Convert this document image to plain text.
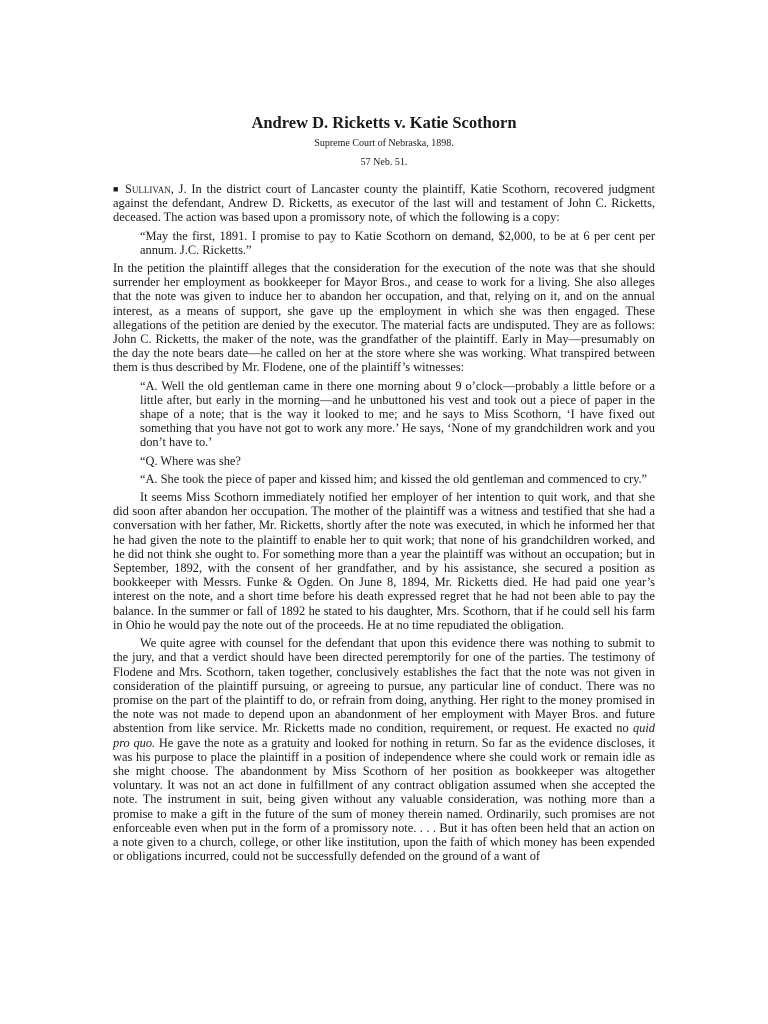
Andrew D. Ricketts v. Katie Scothorn

Supreme Court of Nebraska, 1898.

57 Neb. 51.

■ Sullivan, J. In the district court of Lancaster county the plaintiff, Katie Scothorn, recovered judgment against the defendant, Andrew D. Ricketts, as executor of the last will and testament of John C. Ricketts, deceased. The action was based upon a promissory note, of which the following is a copy:

“May the first, 1891. I promise to pay to Katie Scothorn on demand, $2,000, to be at 6 per cent per annum. J.C. Ricketts.”

In the petition the plaintiff alleges that the consideration for the execution of the note was that she should surrender her employment as bookkeeper for Mayor Bros., and cease to work for a living. She also alleges that the note was given to induce her to abandon her occupation, and that, relying on it, and on the annual interest, as a means of support, she gave up the employment in which she was then engaged. These allegations of the petition are denied by the executor. The material facts are undisputed. They are as follows: John C. Ricketts, the maker of the note, was the grandfather of the plaintiff. Early in May—presumably on the day the note bears date—he called on her at the store where she was working. What transpired between them is thus described by Mr. Flodene, one of the plaintiff’s witnesses:

“A. Well the old gentleman came in there one morning about 9 o’clock—probably a little before or a little after, but early in the morning—and he unbuttoned his vest and took out a piece of paper in the shape of a note; that is the way it looked to me; and he says to Miss Scothorn, ‘I have fixed out something that you have not got to work any more.’ He says, ‘None of my grandchildren work and you don’t have to.’

“Q. Where was she?

“A. She took the piece of paper and kissed him; and kissed the old gentleman and commenced to cry.”

It seems Miss Scothorn immediately notified her employer of her intention to quit work, and that she did soon after abandon her occupation. The mother of the plaintiff was a witness and testified that she had a conversation with her father, Mr. Ricketts, shortly after the note was executed, in which he informed her that he had given the note to the plaintiff to enable her to quit work; that none of his grandchildren worked, and he did not think she ought to. For something more than a year the plaintiff was without an occupation; but in September, 1892, with the consent of her grandfather, and by his assistance, she secured a position as bookkeeper with Messrs. Funke & Ogden. On June 8, 1894, Mr. Ricketts died. He had paid one year’s interest on the note, and a short time before his death expressed regret that he had not been able to pay the balance. In the summer or fall of 1892 he stated to his daughter, Mrs. Scothorn, that if he could sell his farm in Ohio he would pay the note out of the proceeds. He at no time repudiated the obligation.

We quite agree with counsel for the defendant that upon this evidence there was nothing to submit to the jury, and that a verdict should have been directed peremptorily for one of the parties. The testimony of Flodene and Mrs. Scothorn, taken together, conclusively establishes the fact that the note was not given in consideration of the plaintiff pursuing, or agreeing to pursue, any particular line of conduct. There was no promise on the part of the plaintiff to do, or refrain from doing, anything. Her right to the money promised in the note was not made to depend upon an abandonment of her employment with Mayer Bros. and future abstention from like service. Mr. Ricketts made no condition, requirement, or request. He exacted no quid pro quo. He gave the note as a gratuity and looked for nothing in return. So far as the evidence discloses, it was his purpose to place the plaintiff in a position of independence where she could work or remain idle as she might choose. The abandonment by Miss Scothorn of her position as bookkeeper was altogether voluntary. It was not an act done in fulfillment of any contract obligation assumed when she accepted the note. The instrument in suit, being given without any valuable consideration, was nothing more than a promise to make a gift in the future of the sum of money therein named. Ordinarily, such promises are not enforceable even when put in the form of a promissory note. . . . But it has often been held that an action on a note given to a church, college, or other like institution, upon the faith of which money has been expended or obligations incurred, could not be successfully defended on the ground of a want of
